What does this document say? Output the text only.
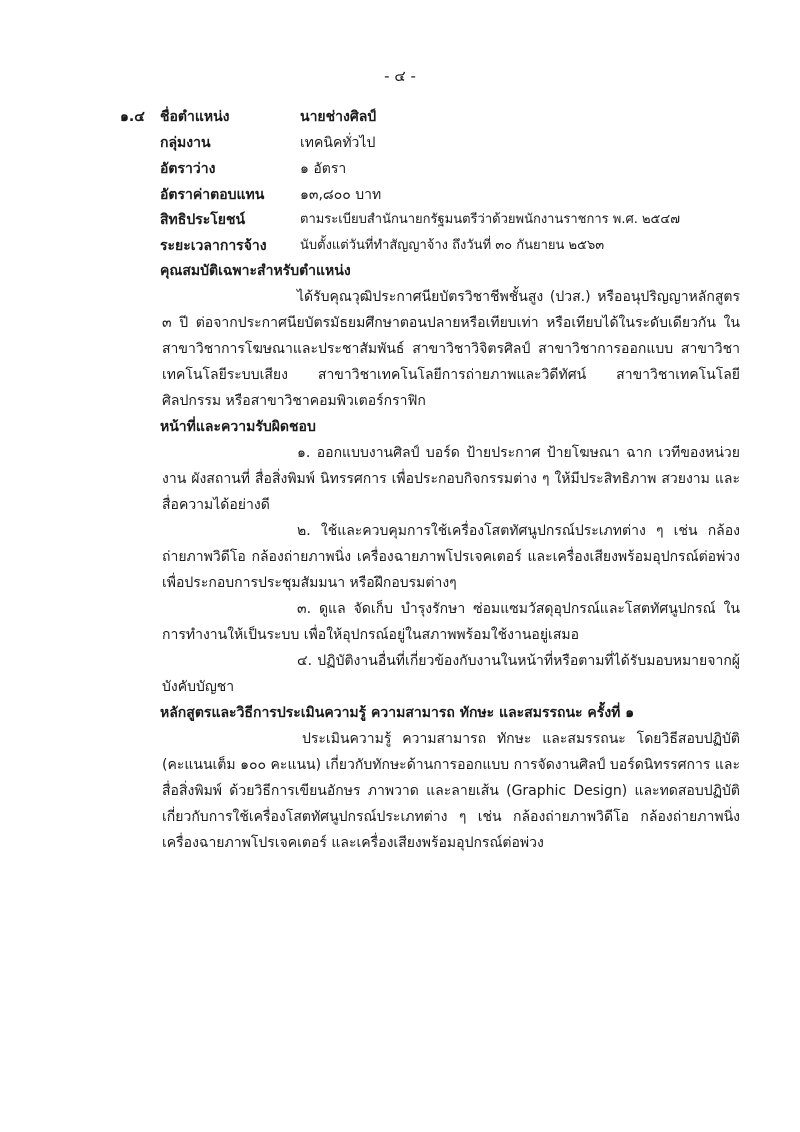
- ๔ -
๑.๔ ชื่อตำแหน่ง	นายช่างศิลป์
กลุ่มงาน	เทคนิคทั่วไป
อัตราว่าง	๑ อัตรา
อัตราค่าตอบแทน	๑๓,๘๐๐ บาท
สิทธิประโยชน์	ตามระเบียบสำนักนายกรัฐมนตรีว่าด้วยพนักงานราชการ พ.ศ. ๒๕๔๗
ระยะเวลาการจ้าง	นับตั้งแต่วันที่ทำสัญญาจ้าง ถึงวันที่ ๓๐ กันยายน ๒๕๖๓
คุณสมบัติเฉพาะสำหรับตำแหน่ง

ได้รับคุณวุฒิประกาศนียบัตรวิชาชีพชั้นสูง (ปวส.) หรืออนุปริญญาหลักสูตร ๓ ปี ต่อจากประกาศนียบัตรมัธยมศึกษาตอนปลายหรือเทียบเท่า หรือเทียบได้ในระดับเดียวกัน ในสาขาวิชาการโฆษณาและประชาสัมพันธ์ สาขาวิชาวิจิตรศิลป์ สาขาวิชาการออกแบบ สาขาวิชาเทคโนโลยีระบบเสียง สาขาวิชาเทคโนโลยีการถ่ายภาพและวิดีทัศน์ สาขาวิชาเทคโนโลยีศิลปกรรม หรือสาขาวิชาคอมพิวเตอร์กราฟิก

หน้าที่และความรับผิดชอบ

๑. ออกแบบงานศิลป์ บอร์ด ป้ายประกาศ ป้ายโฆษณา ฉาก เวทีของหน่วยงาน ผังสถานที่ สื่อสิ่งพิมพ์ นิทรรศการ เพื่อประกอบกิจกรรมต่าง ๆ ให้มีประสิทธิภาพ สวยงาม และสื่อความได้อย่างดี

๒. ใช้และควบคุมการใช้เครื่องโสตทัศนูปกรณ์ประเภทต่าง ๆ เช่น กล้องถ่ายภาพวิดีโอ กล้องถ่ายภาพนิ่ง เครื่องฉายภาพโปรเจคเตอร์ และเครื่องเสียงพร้อมอุปกรณ์ต่อพ่วง เพื่อประกอบการประชุมสัมมนา หรือฝึกอบรมต่างๆ

๓. ดูแล จัดเก็บ บำรุงรักษา ซ่อมแซมวัสดุอุปกรณ์และโสตทัศนูปกรณ์ ในการทำงานให้เป็นระบบ เพื่อให้อุปกรณ์อยู่ในสภาพพร้อมใช้งานอยู่เสมอ

๔. ปฏิบัติงานอื่นที่เกี่ยวข้องกับงานในหน้าที่หรือตามที่ได้รับมอบหมายจากผู้บังคับบัญชา

หลักสูตรและวิธีการประเมินความรู้ ความสามารถ ทักษะ และสมรรถนะ ครั้งที่ ๑

ประเมินความรู้ ความสามารถ ทักษะ และสมรรถนะ โดยวิธีสอบปฏิบัติ (คะแนนเต็ม ๑๐๐ คะแนน) เกี่ยวกับทักษะด้านการออกแบบ การจัดงานศิลป์ บอร์ดนิทรรศการ และสื่อสิ่งพิมพ์ ด้วยวิธีการเขียนอักษร ภาพวาด และลายเส้น (Graphic Design) และทดสอบปฏิบัติเกี่ยวกับการใช้เครื่องโสตทัศนูปกรณ์ประเภทต่าง ๆ เช่น กล้องถ่ายภาพวิดีโอ กล้องถ่ายภาพนิ่ง เครื่องฉายภาพโปรเจคเตอร์ และเครื่องเสียงพร้อมอุปกรณ์ต่อพ่วง
